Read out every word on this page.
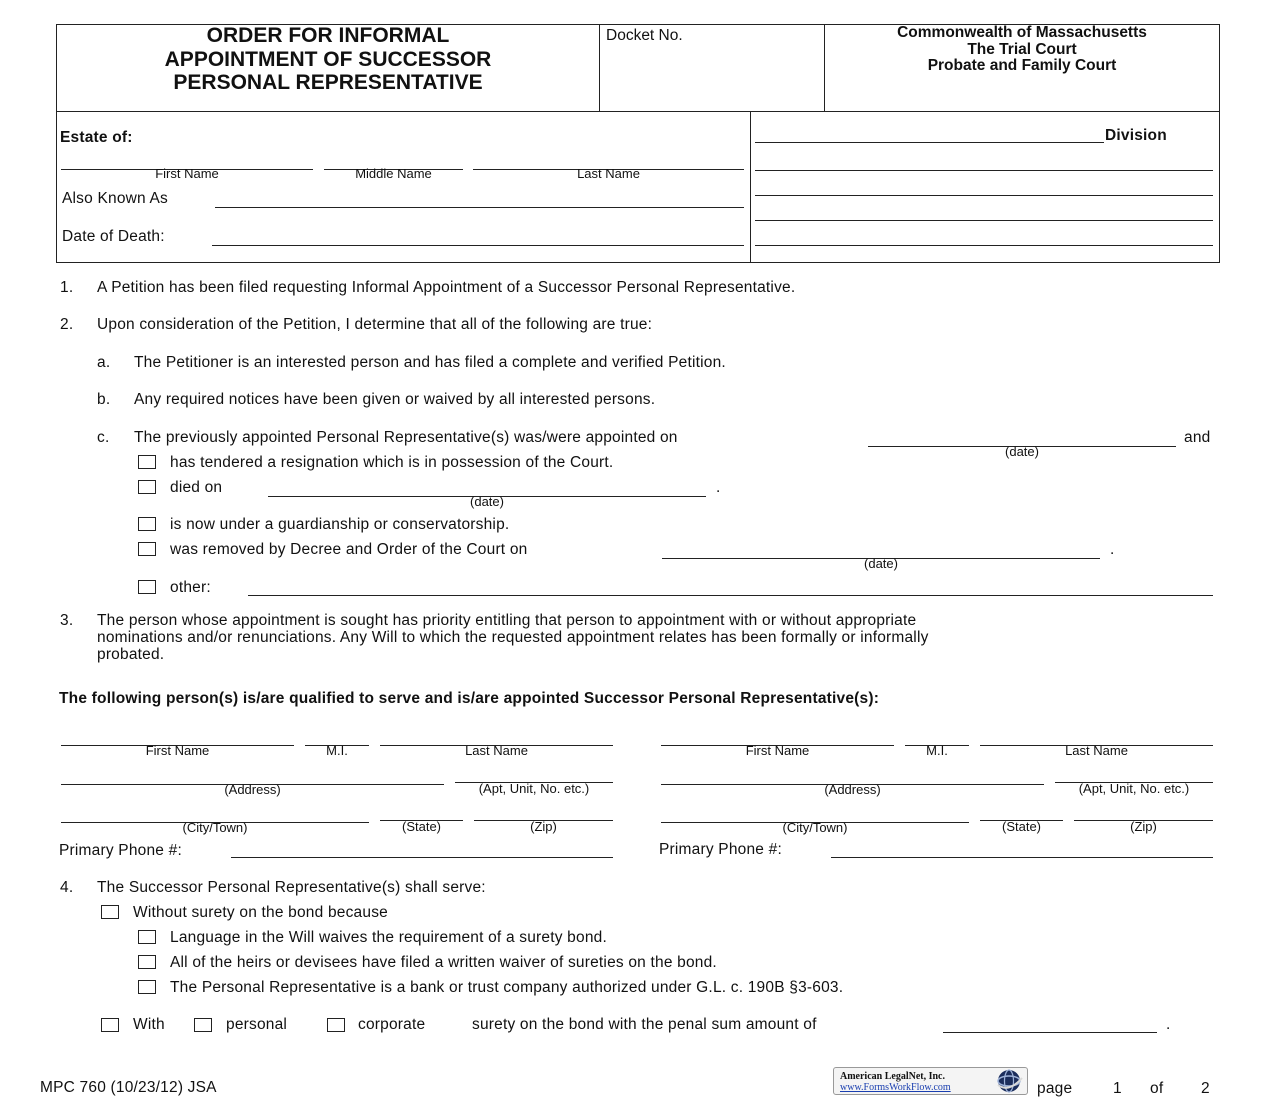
ORDER FOR INFORMAL
APPOINTMENT OF SUCCESSOR
PERSONAL REPRESENTATIVE
Docket No.	Commonwealth of Massachusetts
The Trial Court
Probate and Family Court
Estate of:
First Name	Middle Name	Last Name
Also Known As
Date of Death:
Division
1. A Petition has been filed requesting Informal Appointment of a Successor Personal Representative.
2. Upon consideration of the Petition, I determine that all of the following are true:
a. The Petitioner is an interested person and has filed a complete and verified Petition.
b. Any required notices have been given or waived by all interested persons.
c. The previously appointed Personal Representative(s) was/were appointed on
(date)
and
has tendered a resignation which is in possession of the Court.
died on
(date)
.
is now under a guardianship or conservatorship.
was removed by Decree and Order of the Court on
(date)
.
other:
3. The person whose appointment is sought has priority entitling that person to appointment with or without appropriate
nominations and/or renunciations. Any Will to which the requested appointment relates has been formally or informally
probated.
The following person(s) is/are qualified to serve and is/are appointed Successor Personal Representative(s):
First Name	M.I.	Last Name
(Address)	(Apt, Unit, No. etc.)
(City/Town)	(State)	(Zip)
Primary Phone #:
First Name	M.I.	Last Name
(Address)	(Apt, Unit, No. etc.)
(City/Town)	(State)	(Zip)
Primary Phone #:
4. The Successor Personal Representative(s) shall serve:
Without surety on the bond because
Language in the Will waives the requirement of a surety bond.
All of the heirs or devisees have filed a written waiver of sureties on the bond.
The Personal Representative is a bank or trust company authorized under G.L. c. 190B §3-603.
With	personal	corporate	surety on the bond with the penal sum amount of	.
MPC 760 (10/23/12) JSA
American LegalNet, Inc.
www.FormsWorkFlow.com	page	1 of 2
